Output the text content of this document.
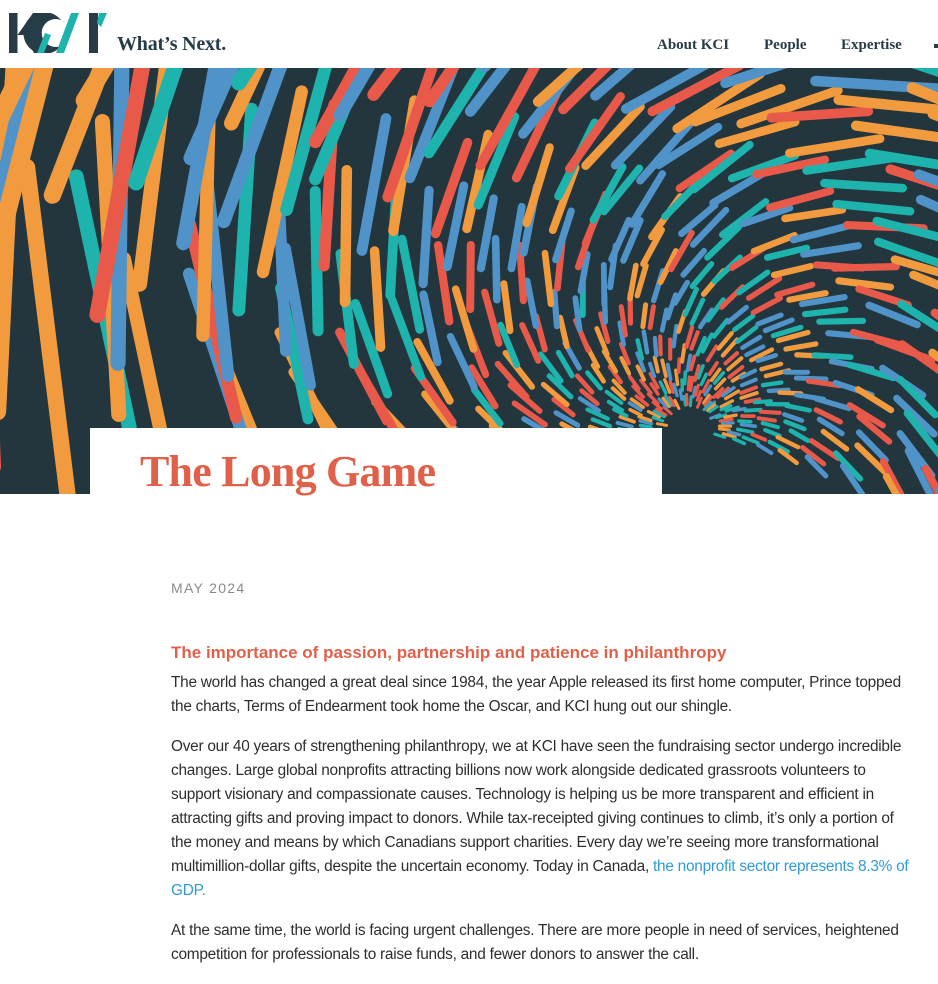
What’s Next.	About KCI People Expertise
The Long Game
MAY 2024

The importance of passion, partnership and patience in philanthropy

The world has changed a great deal since 1984, the year Apple released its first home computer, Prince topped the charts, Terms of Endearment took home the Oscar, and KCI hung out our shingle.

Over our 40 years of strengthening philanthropy, we at KCI have seen the fundraising sector undergo incredible changes. Large global nonprofits attracting billions now work alongside dedicated grassroots volunteers to support visionary and compassionate causes. Technology is helping us be more transparent and efficient in attracting gifts and proving impact to donors. While tax-receipted giving continues to climb, it’s only a portion of the money and means by which Canadians support charities. Every day we’re seeing more transformational multimillion-dollar gifts, despite the uncertain economy. Today in Canada, the nonprofit sector represents 8.3% of GDP.

At the same time, the world is facing urgent challenges. There are more people in need of services, heightened competition for professionals to raise funds, and fewer donors to answer the call.
